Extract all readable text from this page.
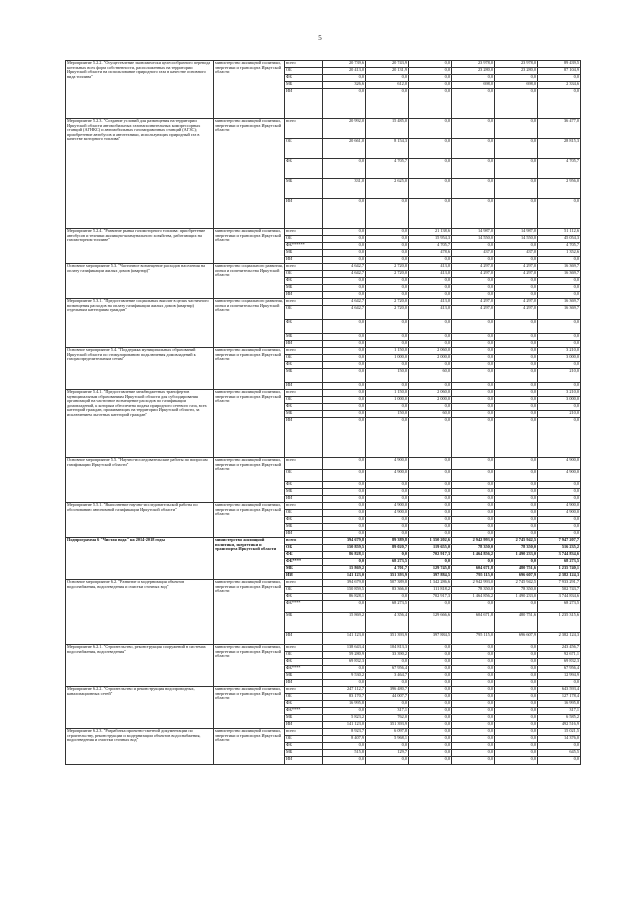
5
Мероприятие 5.2.2. "Осуществление экономически целесообразного перевода котельных всех форм собственности, расположенных на территории Иркутской области на использование природного газа в качестве основного вида топлива"	министерство жилищной политики, энергетики и транспорта Иркутской области	всего	20 739,6	20 743,9	0,0	23 978,0	23 978,0	89 439,5
		ОБ	20 413,0	20 131,9	0,0	23 280,0	23 280,0	87 104,9
		ФБ	0,0	0,0	0,0	0,0	0,0	0,0
		МБ	326,6	612,0	0,0	698,0	698,0	2 334,6
		ИИ	0,0	0,0	0,0	0,0	0,0	0,0
Мероприятие 5.2.3. "Создание условий для размещения на территории Иркутской области автомобильных газонаполнительных компрессорных станций (АГНКС) и автомобильных газозаправочных станций (АГЗС); приобретение автобусов и автотехники, использующих природный газ в качестве моторного топлива"	министерство жилищной политики, энергетики и транспорта Иркутской области	всего	20 992,0	15 485,0	0,0	0,0	0,0	36 477,0
		ОБ	20 661,0	8 154,3	0,0	0,0	0,0	28 815,3
		ФБ	0,0	4 705,7	0,0	0,0	0,0	4 705,7
		МБ	331,0	2 625,0	0,0	0,0	0,0	2 956,0
		ИИ	0,0	0,0	0,0	0,0	0,0	0,0
Мероприятие 5.2.4. "Развитие рынка газомоторного топлива: приобретение автобусов и техники жилищно-коммунального хозяйства, работающих на газомоторном топливе"	министерство жилищной политики, энергетики и транспорта Иркутской области	всего	0,0	0,0	21 138,6	14 987,0	14 987,0	51 112,6
		ОБ	0,0	0,0	15 954,3	14 550,0	14 550,0	45 054,3
		ФБ******	0,0	0,0	4 705,7	0,0	0,0	4 705,7
		МБ	0,0	0,0	478,6	437,0	437,0	1 352,6
		ИИ	0,0	0,0	0,0	0,0	0,0	0,0
Основное мероприятие 5.3. "Частичное возмещение расходов населения на оплату газификации жилых домов (квартир)"	министерство социального развития, опеки и попечительства Иркутской области	всего	4 642,7	2 720,0	413,0	4 297,0	4 297,0	16 369,7
		ОБ	4 642,7	2 720,0	413,0	4 297,0	4 297,0	16 369,7
		ФБ	0,0	0,0	0,0	0,0	0,0	0,0
		МБ	0,0	0,0	0,0	0,0	0,0	0,0
		ИИ	0,0	0,0	0,0	0,0	0,0	0,0
Мероприятие 5.3.1. "Предоставление социальных выплат в целях частичного возмещения расходов на оплату газификации жилых домов (квартир) отдельным категориям граждан"	министерство социального развития, опеки и попечительства Иркутской области	всего	4 642,7	2 720,0	413,0	4 297,0	4 297,0	16 369,7
		ОБ	4 642,7	2 720,0	413,0	4 297,0	4 297,0	16 369,7
		ФБ	0,0	0,0	0,0	0,0	0,0	0,0
		МБ	0,0	0,0	0,0	0,0	0,0	0,0
		ИИ	0,0	0,0	0,0	0,0	0,0	0,0
Основное мероприятие 5.4. "Поддержка муниципальных образований Иркутской области по стимулированию подключения домовладений к газораспределительным сетям"	министерство жилищной политики, энергетики и транспорта Иркутской области	всего	0,0	1 150,0	2 060,0	0,0	0,0	3 210,0
		ОБ	0,0	1 000,0	2 000,0	0,0	0,0	3 000,0
		ФБ	0,0	0,0	0,0	0,0	0,0	0,0
		МБ	0,0	150,0	60,0	0,0	0,0	210,0
		ИИ	0,0	0,0	0,0	0,0	0,0	0,0
Мероприятие 5.4.1. "Предоставление межбюджетных трансфертов муниципальным образованиям Иркутской области для субсидирования организаций на частичное возмещение расходов по газификации домовладений, к которым обеспечена подача природного сетевого газа, всех категорий граждан, проживающих на территории Иркутской области, за исключением льготных категорий граждан"	министерство жилищной политики, энергетики и транспорта Иркутской области	всего	0,0	1 150,0	2 060,0	0,0	0,0	3 210,0
		ОБ	0,0	1 000,0	2 000,0	0,0	0,0	3 000,0
		ФБ	0,0	0,0	0,0	0,0	0,0	0,0
		МБ	0,0	150,0	60,0	0,0	0,0	210,0
		ИИ	0,0	0,0	0,0	0,0	0,0	0,0
Основное мероприятие 5.5. "Научно-исследовательские работы по вопросам газификации Иркутской области"	министерство жилищной политики, энергетики и транспорта Иркутской области	всего	0,0	4 900,0	0,0	0,0	0,0	4 900,0
		ОБ	0,0	4 900,0	0,0	0,0	0,0	4 900,0
		ФБ	0,0	0,0	0,0	0,0	0,0	0,0
		МБ	0,0	0,0	0,0	0,0	0,0	0,0
		ИИ	0,0	0,0	0,0	0,0	0,0	0,0
Мероприятие 5.5.1. "Выполнение научно-исследовательской работы по обоснованию автономной газификации Иркутской области"	министерство жилищной политики, энергетики и транспорта Иркутской области	всего	0,0	4 900,0	0,0	0,0	0,0	4 900,0
		ОБ	0,0	4 900,0	0,0	0,0	0,0	4 900,0
		ФБ	0,0	0,0	0,0	0,0	0,0	0,0
		МБ	0,0	0,0	0,0	0,0	0,0	0,0
		ИИ	0,0	0,0	0,0	0,0	0,0	0,0
Подпрограмма 6 "Чистая вода" на 2014-2018 годы	министерство жилищной политики, энергетики и транспорта Иркутской области	всего	394 679,8	89 389,8	1 350 202,6	2 942 993,0	2 745 942,5	7 947 207,7
		ОБ	150 859,5	89 020,7	119 655,0	78 350,0	78 350,0	516 235,2
		ФБ	86 828,1	0,0	702 917,3	1 464 856,2	1 490 233,0	3 744 834,6
		ФБ****	0,0	68 273,5	0,0	0,0	0,0	68 273,5
		МБ	15 869,2	4 701,7	129 745,8	604 671,8	480 751,6	1 235 740,1
		ИИ	141 123,0	351 393,9	397 884,5	795 115,0	696 607,9	2 382 124,3
Основное мероприятие 6.2. "Развитие и модернизация объектов водоснабжения, водоотведения и очистки сточных вод"	министерство жилищной политики, энергетики и транспорта Иркутской области	всего	394 679,8	507 389,8	1 342 286,6	2 942 993,0	2 745 942,5	7 933 291,7
		ОБ	150 859,5	83 366,0	111 818,2	78 350,0	78 350,0	502 743,7
		ФБ	86 828,1	0,0	702 917,3	1 464 856,2	1 490 233,0	3 744 834,6
		ФБ****	0,0	68 273,5	0,0	0,0	0,0	68 273,5
		МБ	15 869,2	4 356,4	129 666,6	604 671,8	480 751,6	1 235 315,6
		ИИ	141 123,0	351 393,9	397 884,5	795 115,0	696 607,9	2 382 124,3
Мероприятие 6.2.1. "Строительство, реконструкция сооружений в системах водоснабжения, водоотведения"	министерство жилищной политики, энергетики и транспорта Иркутской области	всего	138 643,4	104 813,3	0,0	0,0	0,0	243 456,7
		ОБ	59 280,9	33 390,2	0,0	0,0	0,0	92 671,1
		ФБ	69 832,3	0,0	0,0	0,0	0,0	69 832,3
		ФБ****	0,0	67 956,4	0,0	0,0	0,0	67 956,4
		МБ	9 530,2	3 464,7	0,0	0,0	0,0	12 994,9
		ИИ	0,0	0,0	0,0	0,0	0,0	0,0
Мероприятие 6.2.2. "Строительство и реконструкция водопроводных, канализационных сетей"	министерство жилищной политики, энергетики и транспорта Иркутской области	всего	247 112,7	396 480,7	0,0	0,0	0,0	643 593,4
		ОБ	83 170,7	44 007,7	0,0	0,0	0,0	127 178,4
		ФБ	16 995,8	0,0	0,0	0,0	0,0	16 995,8
		ФБ****	0,0	317,1	0,0	0,0	0,0	317,1
		МБ	5 823,2	762,0	0,0	0,0	0,0	6 585,2
		ИИ	141 123,0	351 393,9	0,0	0,0	0,0	492 516,9
Мероприятие 6.2.3. "Разработка проектно-сметной документации по строительству, реконструкции и модернизации объектов водоснабжения, водоотведения и очистки сточных вод"	министерство жилищной политики, энергетики и транспорта Иркутской области	всего	8 923,7	6 097,8	0,0	0,0	0,0	15 021,5
		ОБ	8 407,9	5 968,1	0,0	0,0	0,0	14 376,0
		ФБ	0,0	0,0	0,0	0,0	0,0	0,0
		МБ	515,8	129,7	0,0	0,0	0,0	645,5
		ИИ	0,0	0,0	0,0	0,0	0,0	0,0
